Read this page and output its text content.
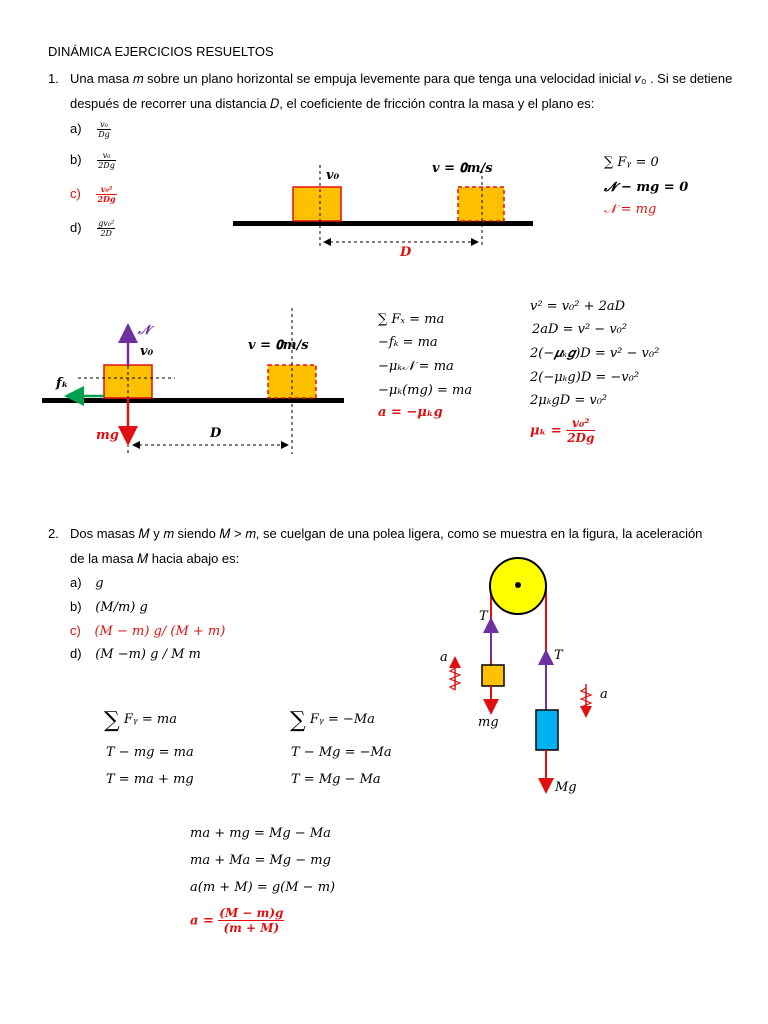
DINÁMICA EJERCICIOS RESUELTOS
1. Una masa 𝑚 sobre un plano horizontal se empuja levemente para que tenga una velocidad inicial 𝑣₀ . Si se detiene
después de recorrer una distancia 𝐷, el coeficiente de fricción contra la masa y el plano es:
$a) \frac{\text{v₀}}{Dg}$
$b) \frac{\text{v₀}}{2Dg}$
$c) \frac{\text{v₀²}}{2Dg}$
$d) \frac{\text{gv₀²}}{2D}$
𝒗₀	𝒗 = 𝟎𝒎/𝒔
D
∑ 𝐹ᵧ = 0
𝓝 − 𝒎𝒈 = 0
𝒩 = 𝑚𝑔
𝒩
𝒗₀	𝒗 = 𝟎𝒎/𝒔
fₖ
mg	D
∑ 𝐹ₓ = 𝑚𝑎
−𝑓ₖ = 𝑚𝑎
−𝜇ₖ𝒩 = 𝑚𝑎
−𝜇ₖ(𝑚𝑔) = 𝑚𝑎
𝒂 = −𝝁ₖ𝒈
𝑣² = 𝑣₀² + 2𝑎𝐷
2𝑎𝐷 = 𝑣² − 𝑣₀²
2(−𝝁ₖ𝒈)𝐷 = 𝑣² − 𝑣₀²
2(−𝜇ₖ𝑔)𝐷 = −𝑣₀²
2𝜇ₖ𝑔𝐷 = 𝑣₀²
𝝁ₖ = $\frac{\text{v₀²}}{2Dg}$
2. Dos masas 𝑀 y 𝑚 siendo 𝑀 > 𝑚, se cuelgan de una polea ligera, como se muestra en la figura, la aceleración
de la masa 𝑀 hacia abajo es:
a) 𝑔
b) (𝑀/𝑚) 𝑔
c) (𝑀 − 𝑚) 𝑔/ (𝑀 + 𝑚)
d) (𝑀 −𝑚) 𝑔 / 𝑀 𝑚
∑ 𝐹ᵧ = 𝑚𝑎
𝑇 − 𝑚𝑔 = 𝑚𝑎
𝑇 = 𝑚𝑎 + 𝑚𝑔
∑ 𝐹ᵧ = −𝑀𝑎
𝑇 − 𝑀𝑔 = −𝑀𝑎
𝑇 = 𝑀𝑔 − 𝑀𝑎
𝑚𝑎 + 𝑚𝑔 = 𝑀𝑔 − 𝑀𝑎
𝑚𝑎 + 𝑀𝑎 = 𝑀𝑔 − 𝑚𝑔
𝑎(𝑚 + 𝑀) = 𝑔(𝑀 − 𝑚)
𝒂 = $\frac{\text{(𝑴 − 𝒎)𝒈}}{\text{(𝒎 + 𝑴)}}$
𝑇
𝑇
𝑎
𝑎
𝑚𝑔
𝑀𝑔
